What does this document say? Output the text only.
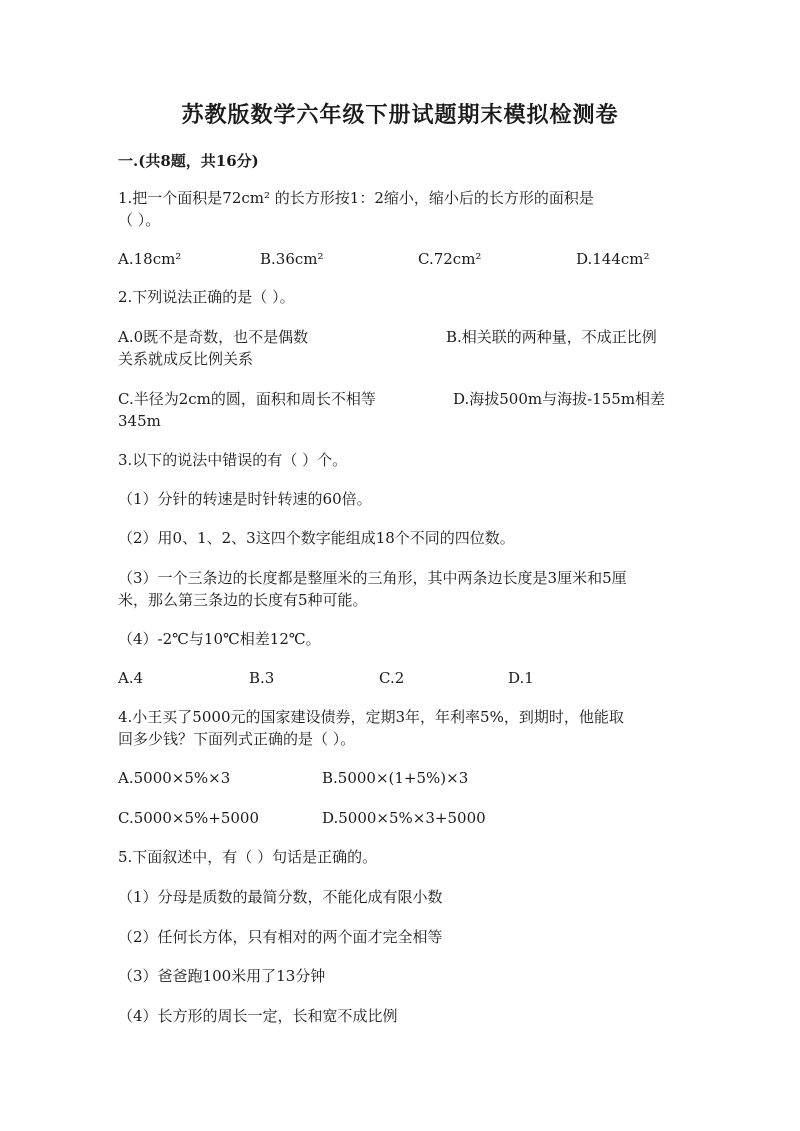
苏教版数学六年级下册试题期末模拟检测卷
一.(共8题，共16分)
1.把一个面积是72cm² 的长方形按1：2缩小，缩小后的长方形的面积是
（ ）。
A.18cm²	B.36cm²	C.72cm²	D.144cm²
2.下列说法正确的是（ ）。
A.0既不是奇数，也不是偶数	B.相关联的两种量，不成正比例
关系就成反比例关系
C.半径为2cm的圆，面积和周长不相等	D.海拔500m与海拔-155m相差
345m
3.以下的说法中错误的有（ ）个。
（1）分针的转速是时针转速的60倍。
（2）用0、1、2、3这四个数字能组成18个不同的四位数。
（3）一个三条边的长度都是整厘米的三角形，其中两条边长度是3厘米和5厘
米，那么第三条边的长度有5种可能。
（4）-2℃与10℃相差12℃。
A.4	B.3	C.2	D.1
4.小王买了5000元的国家建设债券，定期3年，年利率5%，到期时，他能取
回多少钱？下面列式正确的是（ ）。
A.5000×5%×3	B.5000×(1+5%)×3
C.5000×5%+5000	D.5000×5%×3+5000
5.下面叙述中，有（ ）句话是正确的。
（1）分母是质数的最简分数，不能化成有限小数
（2）任何长方体，只有相对的两个面才完全相等
（3）爸爸跑100米用了13分钟
（4）长方形的周长一定，长和宽不成比例
